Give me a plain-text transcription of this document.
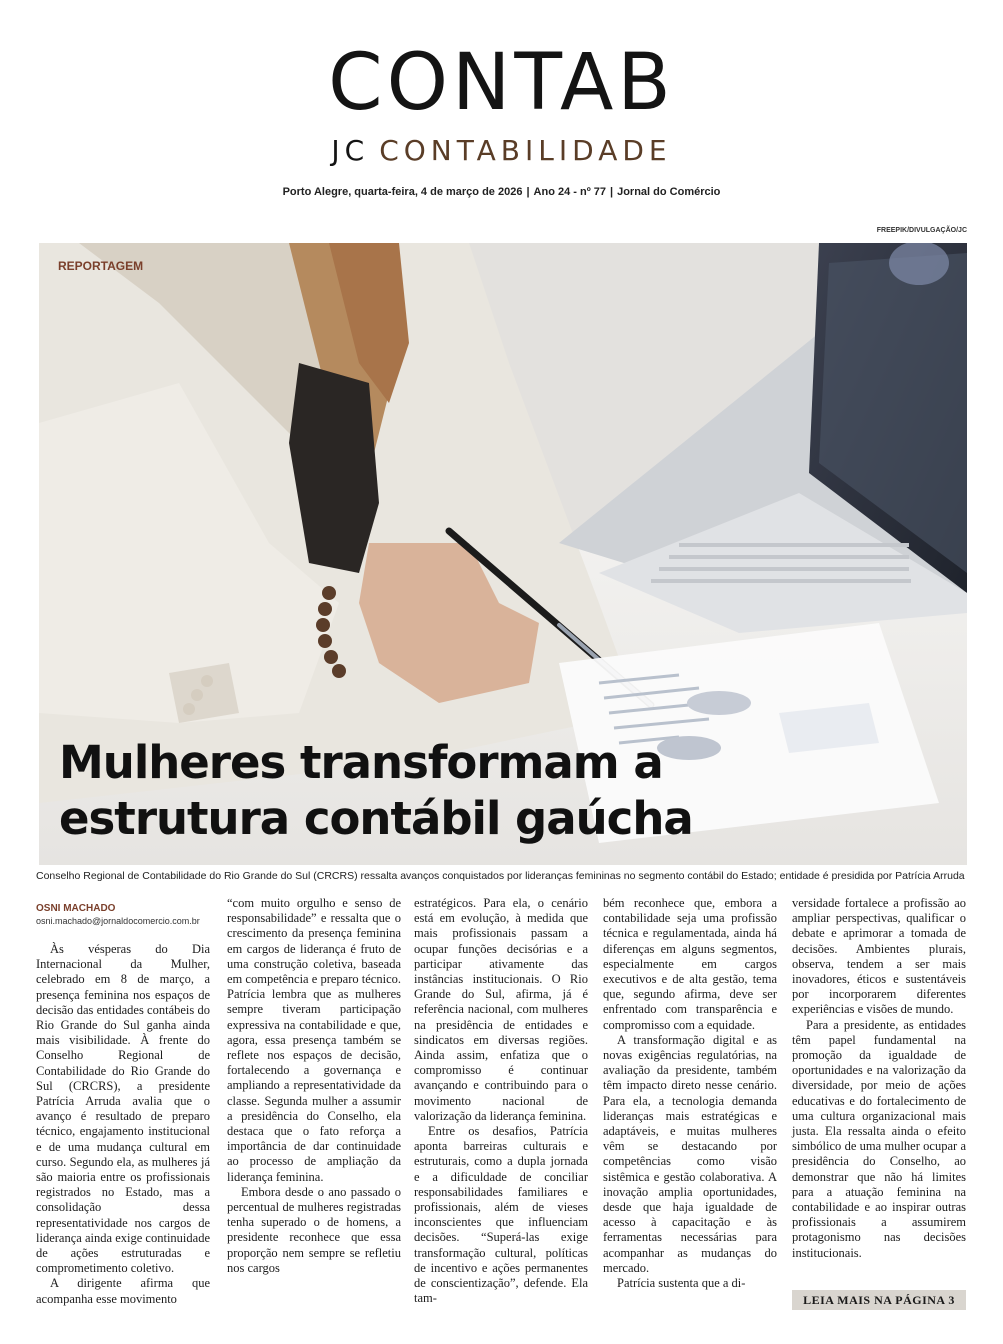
CONTAB
JC CONTABILIDADE
Porto Alegre, quarta-feira, 4 de março de 2026 | Ano 24 - nº 77 | Jornal do Comércio
FREEPIK/DIVULGAÇÃO/JC
REPORTAGEM
Mulheres transformam a estrutura contábil gaúcha
Conselho Regional de Contabilidade do Rio Grande do Sul (CRCRS) ressalta avanços conquistados por lideranças femininas no segmento contábil do Estado; entidade é presidida por Patrícia Arruda
OSNI MACHADO
osni.machado@jornaldocomercio.com.br

Às vésperas do Dia Internacional da Mulher, celebrado em 8 de março, a presença feminina nos espaços de decisão das entidades contábeis do Rio Grande do Sul ganha ainda mais visibilidade. À frente do Conselho Regional de Contabilidade do Rio Grande do Sul (CRCRS), a presidente Patrícia Arruda avalia que o avanço é resultado de preparo técnico, engajamento institucional e de uma mudança cultural em curso. Segundo ela, as mulheres já são maioria entre os profissionais registrados no Estado, mas a consolidação dessa representatividade nos cargos de liderança ainda exige continuidade de ações estruturadas e comprometimento coletivo.

A dirigente afirma que acompanha esse movimento

“com muito orgulho e senso de responsabilidade” e ressalta que o crescimento da presença feminina em cargos de liderança é fruto de uma construção coletiva, baseada em competência e preparo técnico. Patrícia lembra que as mulheres sempre tiveram participação expressiva na contabilidade e que, agora, essa presença também se reflete nos espaços de decisão, fortalecendo a governança e ampliando a representatividade da classe. Segunda mulher a assumir a presidência do Conselho, ela destaca que o fato reforça a importância de dar continuidade ao processo de ampliação da liderança feminina.

Embora desde o ano passado o percentual de mulheres registradas tenha superado o de homens, a presidente reconhece que essa proporção nem sempre se refletiu nos cargos

estratégicos. Para ela, o cenário está em evolução, à medida que mais profissionais passam a ocupar funções decisórias e a participar ativamente das instâncias institucionais. O Rio Grande do Sul, afirma, já é referência nacional, com mulheres na presidência de entidades e sindicatos em diversas regiões. Ainda assim, enfatiza que o compromisso é continuar avançando e contribuindo para o movimento nacional de valorização da liderança feminina.

Entre os desafios, Patrícia aponta barreiras culturais e estruturais, como a dupla jornada e a dificuldade de conciliar responsabilidades familiares e profissionais, além de vieses inconscientes que influenciam decisões. “Superá-las exige transformação cultural, políticas de incentivo e ações permanentes de conscientização”, defende. Ela tam-

bém reconhece que, embora a contabilidade seja uma profissão técnica e regulamentada, ainda há diferenças em alguns segmentos, especialmente em cargos executivos e de alta gestão, tema que, segundo afirma, deve ser enfrentado com transparência e compromisso com a equidade.

A transformação digital e as novas exigências regulatórias, na avaliação da presidente, também têm impacto direto nesse cenário. Para ela, a tecnologia demanda lideranças mais estratégicas e adaptáveis, e muitas mulheres vêm se destacando por competências como visão sistêmica e gestão colaborativa. A inovação amplia oportunidades, desde que haja igualdade de acesso à capacitação e às ferramentas necessárias para acompanhar as mudanças do mercado.

Patrícia sustenta que a di-

versidade fortalece a profissão ao ampliar perspectivas, qualificar o debate e aprimorar a tomada de decisões. Ambientes plurais, observa, tendem a ser mais inovadores, éticos e sustentáveis por incorporarem diferentes experiências e visões de mundo.

Para a presidente, as entidades têm papel fundamental na promoção da igualdade de oportunidades e na valorização da diversidade, por meio de ações educativas e do fortalecimento de uma cultura organizacional mais justa. Ela ressalta ainda o efeito simbólico de uma mulher ocupar a presidência do Conselho, ao demonstrar que não há limites para a atuação feminina na contabilidade e ao inspirar outras profissionais a assumirem protagonismo nas decisões institucionais.

LEIA MAIS NA PÁGINA 3
